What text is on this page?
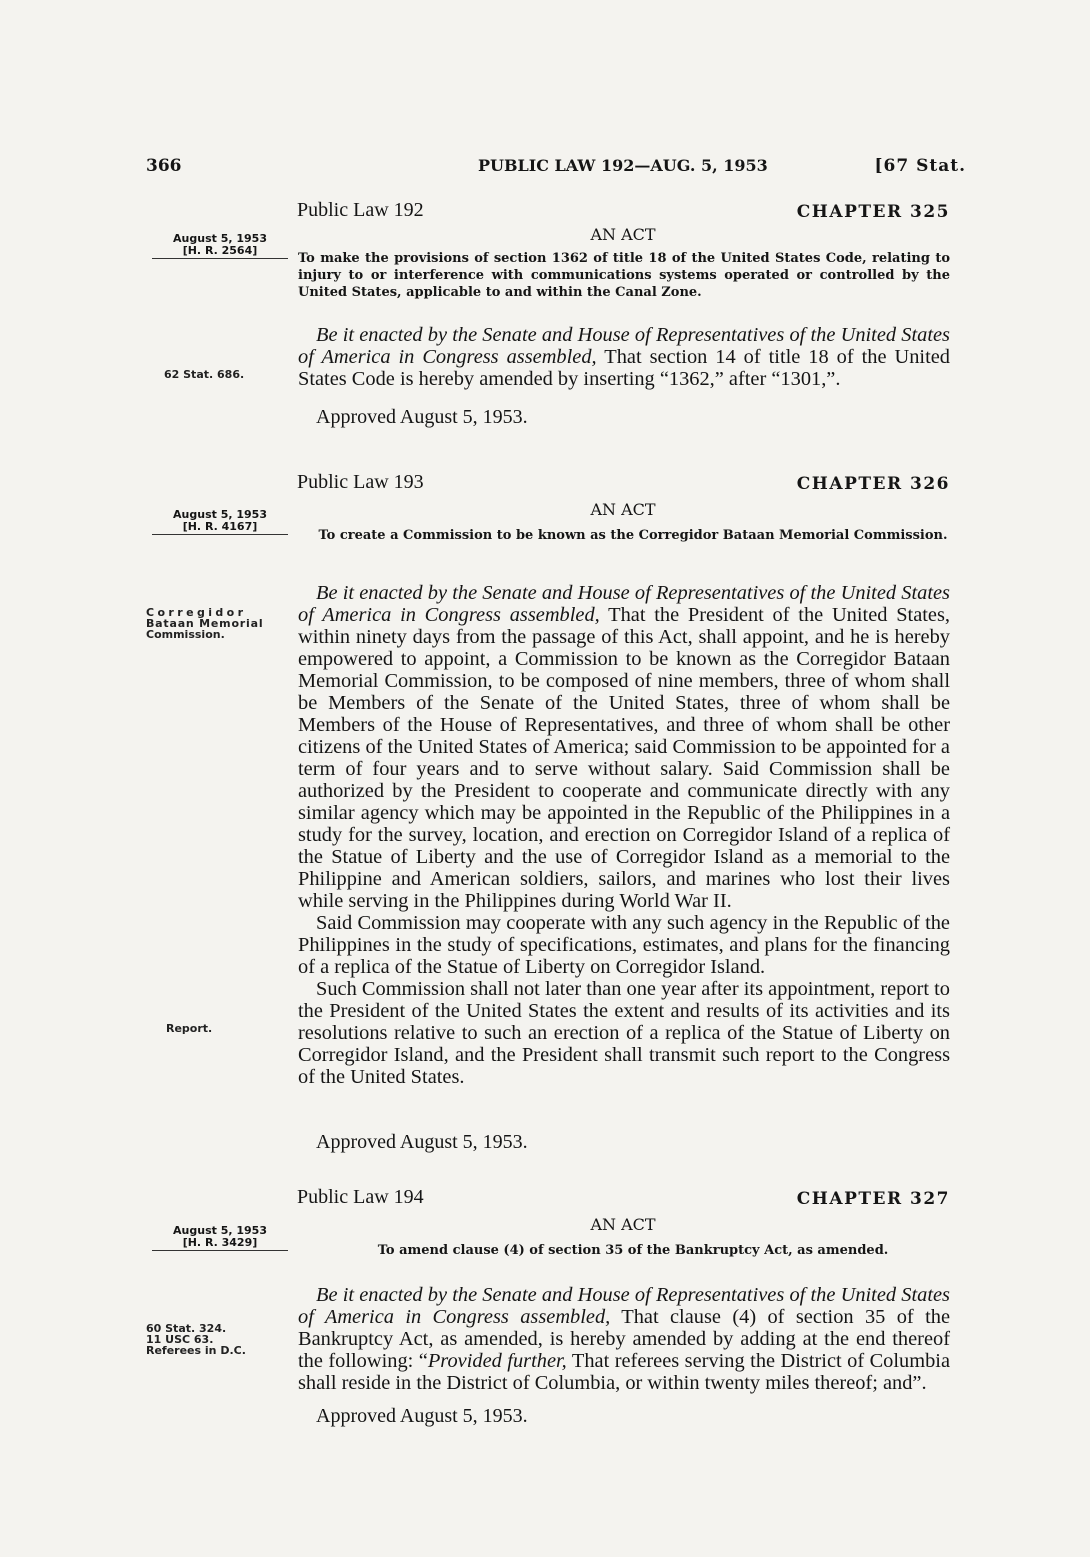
366	PUBLIC LAW 192—AUG. 5, 1953	[67 Stat.
Public Law 192	CHAPTER 325
AN ACT
August 5, 1953
[H. R. 2564]
To make the provisions of section 1362 of title 18 of the United States Code, relating to injury to or interference with communications systems operated or controlled by the United States, applicable to and within the Canal Zone.
62 Stat. 686.

Be it enacted by the Senate and House of Representatives of the United States of America in Congress assembled, That section 14 of title 18 of the United States Code is hereby amended by inserting “1362,” after “1301,”.

Approved August 5, 1953.
Public Law 193	CHAPTER 326
AN ACT
August 5, 1953
[H. R. 4167]
To create a Commission to be known as the Corregidor Bataan Memorial Commission.
Corregidor
Bataan Memorial
Commission.

Be it enacted by the Senate and House of Representatives of the United States of America in Congress assembled, That the President of the United States, within ninety days from the passage of this Act, shall appoint, and he is hereby empowered to appoint, a Commission to be known as the Corregidor Bataan Memorial Commission, to be composed of nine members, three of whom shall be Members of the Senate of the United States, three of whom shall be Members of the House of Representatives, and three of whom shall be other citizens of the United States of America; said Commission to be appointed for a term of four years and to serve without salary. Said Commission shall be authorized by the President to cooperate and communicate directly with any similar agency which may be appointed in the Republic of the Philippines in a study for the survey, location, and erection on Corregidor Island of a replica of the Statue of Liberty and the use of Corregidor Island as a memorial to the Philippine and American soldiers, sailors, and marines who lost their lives while serving in the Philippines during World War II.

Said Commission may cooperate with any such agency in the Republic of the Philippines in the study of specifications, estimates, and plans for the financing of a replica of the Statue of Liberty on Corregidor Island.

Such Commission shall not later than one year after its appointment, report to the President of the United States the extent and results of its activities and its resolutions relative to such an erection of a replica of the Statue of Liberty on Corregidor Island, and the President shall transmit such report to the Congress of the United States.

Report.
Approved August 5, 1953.
Public Law 194	CHAPTER 327
AN ACT
August 5, 1953
[H. R. 3429]
To amend clause (4) of section 35 of the Bankruptcy Act, as amended.
60 Stat. 324.
11 USC 63.
Referees in D.C.

Be it enacted by the Senate and House of Representatives of the United States of America in Congress assembled, That clause (4) of section 35 of the Bankruptcy Act, as amended, is hereby amended by adding at the end thereof the following: “Provided further, That referees serving the District of Columbia shall reside in the District of Columbia, or within twenty miles thereof; and”.

Approved August 5, 1953.
